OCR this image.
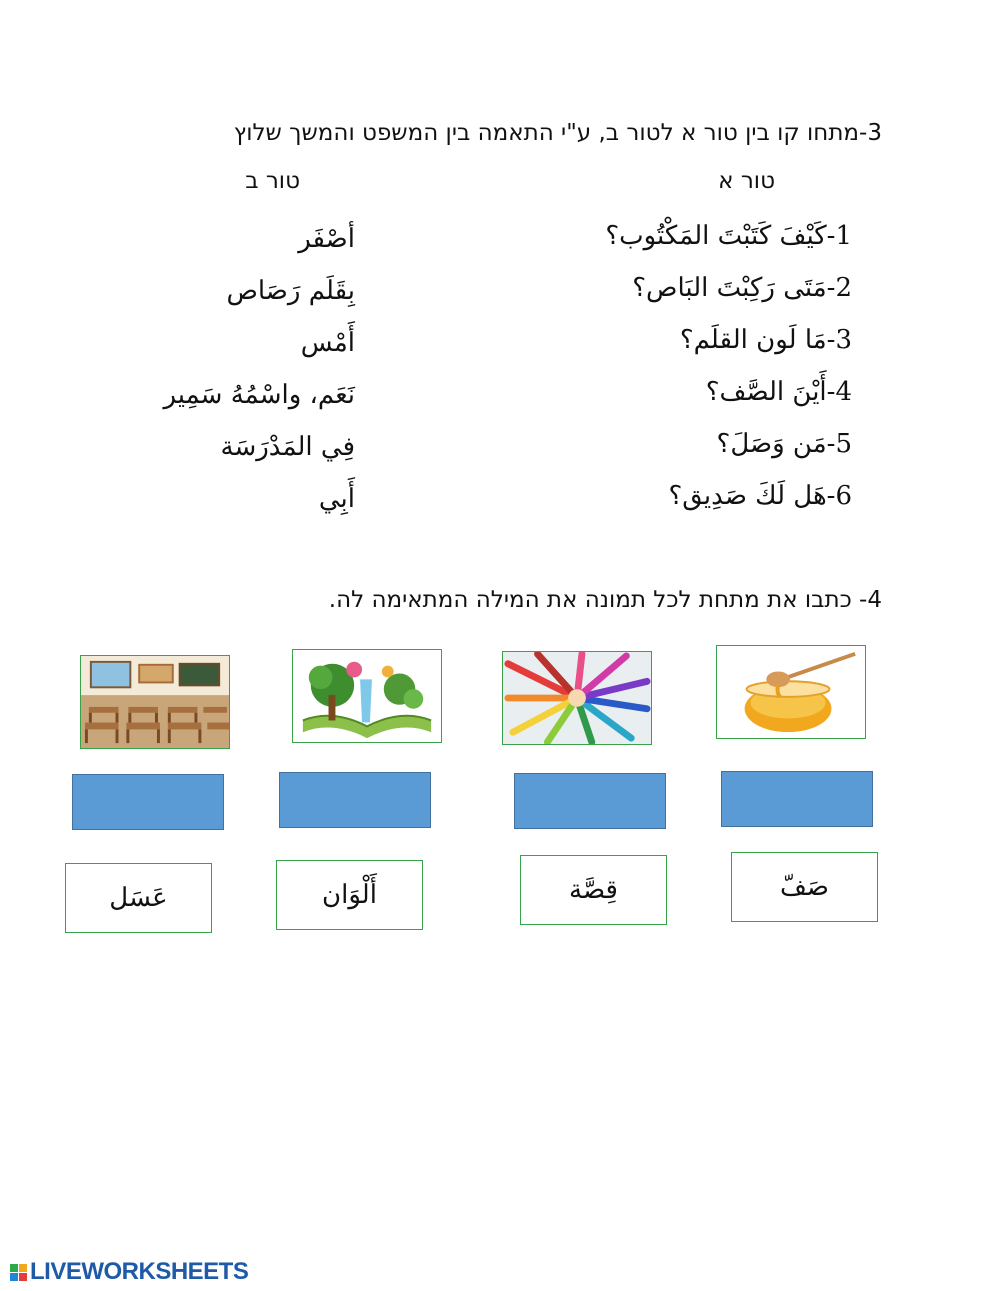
3-מתחו קו בין טור א לטור ב, ע"י התאמה בין המשפט והמשך שלוץ
טור א
טור ב
1-كَيْفَ كَتَبْتَ المَكْتُوب؟
2-مَتَى رَكِبْتَ البَاص؟
3-مَا لَون القلَم؟
4-أَيْنَ الصَّف؟
5-مَن وَصَلَ؟
6-هَل لَكَ صَدِيق؟
أصْفَر
بِقَلَم رَصَاص
أَمْس
نَعَم، واسْمُهُ سَمِير
فِي المَدْرَسَة
أَبِي
4- כתבו את מתחת לכל תמונה את המילה המתאימה לה.
عَسَل	أَلْوَان	قِصَّة	صَفّ
LIVEWORKSHEETS
